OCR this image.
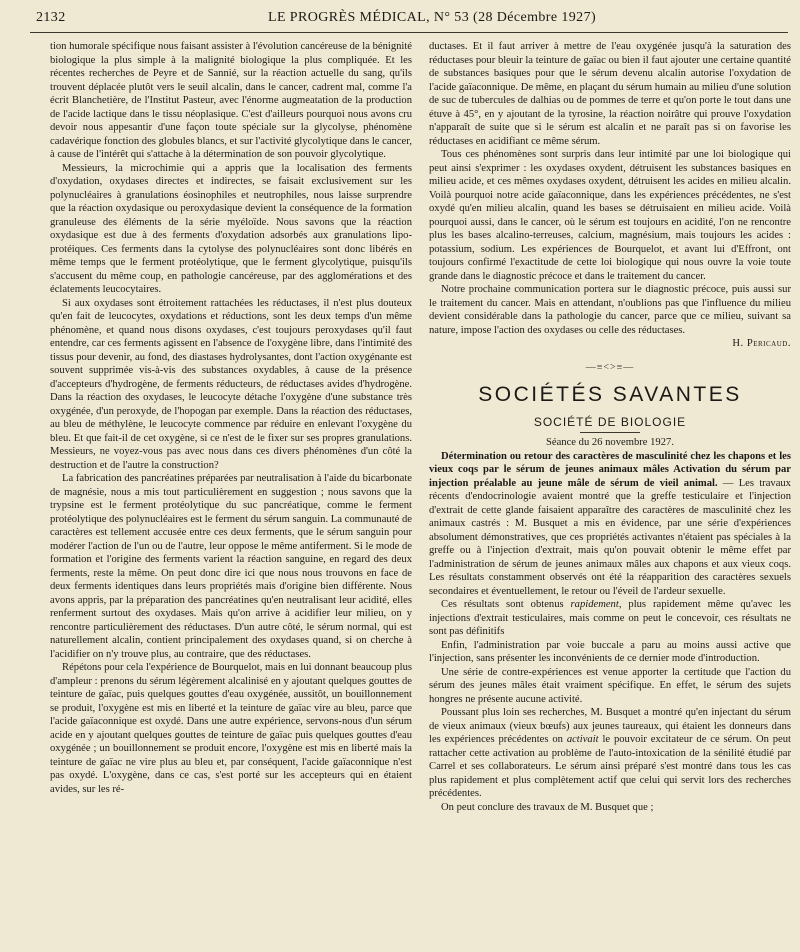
2132	LE PROGRÈS MÉDICAL, N° 53 (28 Décembre 1927)

tion humorale spécifique nous faisant assister à l'évolution cancéreuse de la bénignité biologique la plus simple à la malignité biologique la plus compliquée. Et les récentes recherches de Peyre et de Sannié, sur la réaction actuelle du sang, qu'ils trouvent déplacée plutôt vers le seuil alcalin, dans le cancer, cadrent mal, comme l'a écrit Blanchetière, de l'Institut Pasteur, avec l'énorme augmeatation de la production de l'acide lactique dans le tissu néoplasique. C'est d'ailleurs pourquoi nous avons cru devoir nous appesantir d'une façon toute spéciale sur la glycolyse, phénomène cadavérique fonction des globules blancs, et sur l'activité glycolytique dans le cancer, à cause de l'intérêt qui s'attache à la détermination de son pouvoir glycolytique.

Messieurs, la microchimie qui a appris que la localisation des ferments d'oxydation, oxydases directes et indirectes, se faisait exclusivement sur les polynucléaires à granulations éosinophiles et neutrophiles, nous laisse surprendre que la réaction oxydasique ou peroxydasique devient la conséquence de la formation granuleuse des éléments de la série myéloïde. Nous savons que la réaction oxydasique est due à des ferments d'oxydation adsorbés aux granulations lipo-protéiques. Ces ferments dans la cytolyse des polynucléaires sont donc libérés en même temps que le ferment protéolytique, que le ferment glycolytique, puisqu'ils s'accusent du même coup, en pathologie cancéreuse, par des agglomérations et des éclatements leucocytaires.

Si aux oxydases sont étroitement rattachées les réductases, il n'est plus douteux qu'en fait de leucocytes, oxydations et réductions, sont les deux temps d'un même phénomène, et quand nous disons oxydases, c'est toujours peroxydases qu'il faut entendre, car ces ferments agissent en l'absence de l'oxygène libre, dans l'intimité des tissus pour devenir, au fond, des diastases hydrolysantes, dont l'action oxygénante est souvent supprimée vis-à-vis des substances oxydables, à cause de la présence d'accepteurs d'hydrogène, de ferments réducteurs, de réductases avides d'hydrogène. Dans la réaction des oxydases, le leucocyte détache l'oxygène d'une substance très oxygénée, d'un peroxyde, de l'hopogan par exemple. Dans la réaction des réductases, au bleu de méthylène, le leucocyte commence par réduire en enlevant l'oxygène du bleu. Et que fait-il de cet oxygène, si ce n'est de le fixer sur ses propres granulations. Messieurs, ne voyez-vous pas avec nous dans ces divers phénomènes d'un côté la destruction et de l'autre la construction?

La fabrication des pancréatines préparées par neutralisation à l'aide du bicarbonate de magnésie, nous a mis tout particulièrement en suggestion ; nous savons que la trypsine est le ferment protéolytique du suc pancréatique, comme le ferment protéolytique des polynucléaires est le ferment du sérum sanguin. La communauté de caractères est tellement accusée entre ces deux ferments, que le sérum sanguin pour modérer l'action de l'un ou de l'autre, leur oppose le même antiferment. Si le mode de formation et l'origine des ferments varient la réaction sanguine, en regard des deux ferments, reste la même. On peut donc dire ici que nous nous trouvons en face de deux ferments identiques dans leurs propriétés mais d'origine bien différente. Nous avons appris, par la préparation des pancréatines qu'en neutralisant leur acidité, elles renferment surtout des oxydases. Mais qu'on arrive à acidifier leur milieu, on y rencontre particulièrement des réductases. D'un autre côté, le sérum normal, qui est naturellement alcalin, contient principalement des oxydases quand, si on cherche à l'acidifier on n'y trouve plus, au contraire, que des réductases.

Répétons pour cela l'expérience de Bourquelot, mais en lui donnant beaucoup plus d'ampleur : prenons du sérum légèrement alcalinisé en y ajoutant quelques gouttes de teinture de gaïac, puis quelques gouttes d'eau oxygénée, aussitôt, un bouillonnement se produit, l'oxygène est mis en liberté et la teinture de gaïac vire au bleu, parce que l'acide gaïaconnique est oxydé. Dans une autre expérience, servons-nous d'un sérum acide en y ajoutant quelques gouttes de teinture de gaïac puis quelques gouttes d'eau oxygénée ; un bouillonnement se produit encore, l'oxygène est mis en liberté mais la teinture de gaïac ne vire plus au bleu et, par conséquent, l'acide gaïaconnique n'est pas oxydé. L'oxygène, dans ce cas, s'est porté sur les accepteurs qui en étaient avides, sur les ré-

ductases. Et il faut arriver à mettre de l'eau oxygénée jusqu'à la saturation des réductases pour bleuir la teinture de gaïac ou bien il faut ajouter une certaine quantité de substances basiques pour que le sérum devenu alcalin autorise l'oxydation de l'acide gaïaconnique. De même, en plaçant du sérum humain au milieu d'une solution de suc de tubercules de dalhias ou de pommes de terre et qu'on porte le tout dans une étuve à 45°, en y ajoutant de la tyrosine, la réaction noirâtre qui prouve l'oxydation n'apparaît de suite que si le sérum est alcalin et ne paraît pas si on favorise les réductases en acidifiant ce même sérum.

Tous ces phénomènes sont surpris dans leur intimité par une loi biologique qui peut ainsi s'exprimer : les oxydases oxydent, détruisent les substances basiques en milieu acide, et ces mêmes oxydases oxydent, détruisent les acides en milieu alcalin. Voilà pourquoi notre acide gaïaconnique, dans les expériences précédentes, ne s'est oxydé qu'en milieu alcalin, quand les bases se détruisaient en milieu acide. Voilà pourquoi aussi, dans le cancer, où le sérum est toujours en acidité, l'on ne rencontre plus les bases alcalino-terreuses, calcium, magnésium, mais toujours les acides : potassium, sodium. Les expériences de Bourquelot, et avant lui d'Effront, ont toujours confirmé l'exactitude de cette loi biologique qui nous ouvre la voie toute grande dans le diagnostic précoce et dans le traitement du cancer.

Notre prochaine communication portera sur le diagnostic précoce, puis aussi sur le traitement du cancer. Mais en attendant, n'oublions pas que l'influence du milieu devient considérable dans la pathologie du cancer, parce que ce milieu, suivant sa nature, impose l'action des oxydases ou celle des réductases.

H. Pericaud.

—≡<>≡—
SOCIÉTÉS SAVANTES

SOCIÉTÉ DE BIOLOGIE

Séance du 26 novembre 1927.

Détermination ou retour des caractères de masculinité chez les chapons et les vieux coqs par le sérum de jeunes animaux mâles Activation du sérum par injection préalable au jeune mâle de sérum de vieil animal. — Les travaux récents d'endocrinologie avaient montré que la greffe testiculaire et l'injection d'extrait de cette glande faisaient apparaître des caractères de masculinité chez les animaux castrés : M. Busquet a mis en évidence, par une série d'expériences absolument démonstratives, que ces propriétés activantes n'étaient pas spéciales à la greffe ou à l'injection d'extrait, mais qu'on pouvait obtenir le même effet par l'administration de sérum de jeunes animaux mâles aux chapons et aux vieux coqs. Les résultats constamment observés ont été la réapparition des caractères sexuels secondaires et éventuellement, le retour ou l'éveil de l'ardeur sexuelle.

Ces résultats sont obtenus rapidement, plus rapidement même qu'avec les injections d'extrait testiculaires, mais comme on peut le concevoir, ces résultats ne sont pas définitifs

Enfin, l'administration par voie buccale a paru au moins aussi active que l'injection, sans présenter les inconvénients de ce dernier mode d'introduction.

Une série de contre-expériences est venue apporter la certitude que l'action du sérum des jeunes mâles était vraiment spécifique. En effet, le sérum des sujets hongres ne présente aucune activité.

Poussant plus loin ses recherches, M. Busquet a montré qu'en injectant du sérum de vieux animaux (vieux bœufs) aux jeunes taureaux, qui étaient les donneurs dans les expériences précédentes on activait le pouvoir excitateur de ce sérum. On peut rattacher cette activation au problème de l'auto-intoxication de la sénilité étudié par Carrel et ses collaborateurs. Le sérum ainsi préparé s'est montré dans tous les cas plus rapidement et plus complètement actif que celui qui servit lors des recherches précédentes.

On peut conclure des travaux de M. Busquet que ;
